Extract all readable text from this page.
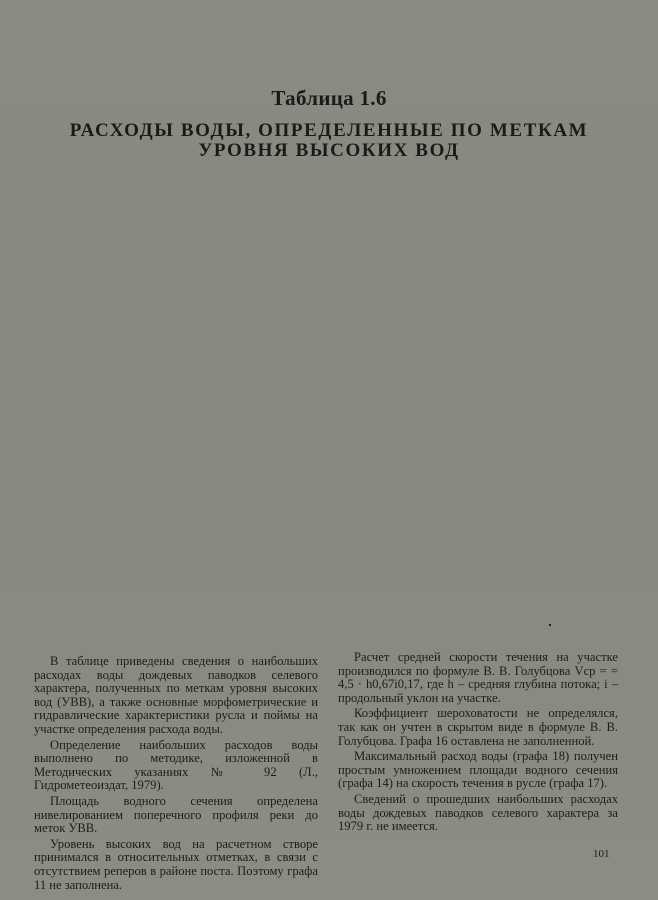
Таблица 1.6
РАСХОДЫ ВОДЫ, ОПРЕДЕЛЕННЫЕ ПО МЕТКАМ
УРОВНЯ ВЫСОКИХ ВОД

В таблице приведены сведения о наибольших расходах воды дождевых паводков селевого характера, полученных по меткам уровня высоких вод (УВВ), а также основные морфометрические и гидравлические характеристики русла и поймы на участке определения расхода воды.

Определение наибольших расходов воды выполнено по методике, изложенной в Методических указаниях № 92 (Л., Гидрометеоиздат, 1979).

Площадь водного сечения определена нивелированием поперечного профиля реки до меток УВВ.

Уровень высоких вод на расчетном створе принимался в относительных отметках, в связи с отсутствием реперов в районе поста. Поэтому графа 11 не заполнена.

Расчет средней скорости течения на участке производился по формуле В. В. Голубцова Vср = = 4,5 · h0,67i0,17, где h – средняя глубина потока; i – продольный уклон на участке.

Коэффициент шероховатости не определялся, так как он учтен в скрытом виде в формуле В. В. Голубцова. Графа 16 оставлена не заполненной.

Максимальный расход воды (графа 18) получен простым умножением площади водного сечения (графа 14) на скорость течения в русле (графа 17).

Сведений о прошедших наибольших расходах воды дождевых паводков селевого характера за 1979 г. не имеется.

101
